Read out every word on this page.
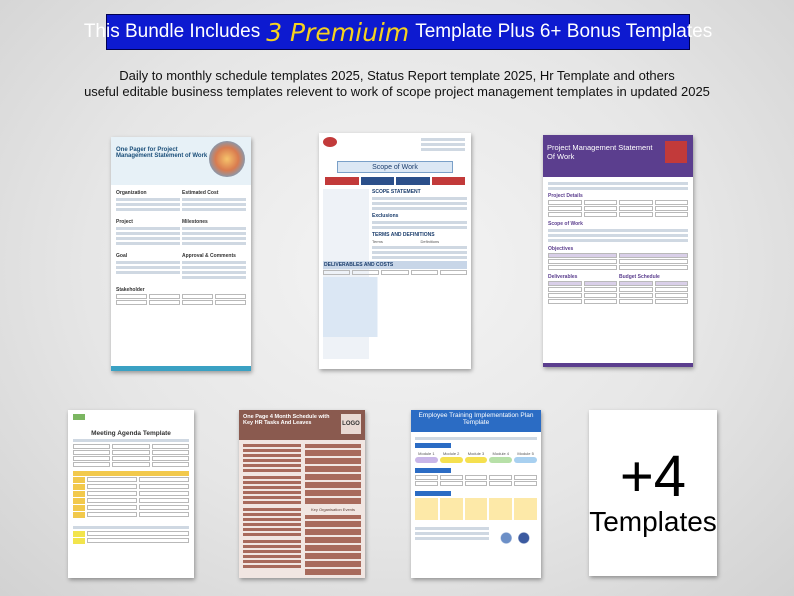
This Bundle Includes 3 Premiuim Template Plus 6+ Bonus Templates
Daily to monthly schedule templates 2025, Status Report template 2025, Hr Template and others
useful editable business templates relevent to work of scope project management templates in updated 2025
One Pager for Project Management Statement of Work
Organization	Estimated Cost
Project	Milestones
Goal	Approval & Comments
Stakeholder
Scope of Work
SCOPE STATEMENT
Exclusions
TERMS AND DEFINITIONS
Terms	Definitions
DELIVERABLES AND COSTS
Project Management Statement Of Work
Project Details
Scope of Work
Objectives
Deliverables	Budget Schedule
Meeting Agenda Template
One Page 4 Month Schedule with Key HR Tasks And Leaves	LOGO
Key Organisation Events
Employee Training Implementation Plan Template
Module 1	Module 2	Module 3	Module 4	Module 5 +4
Templates
